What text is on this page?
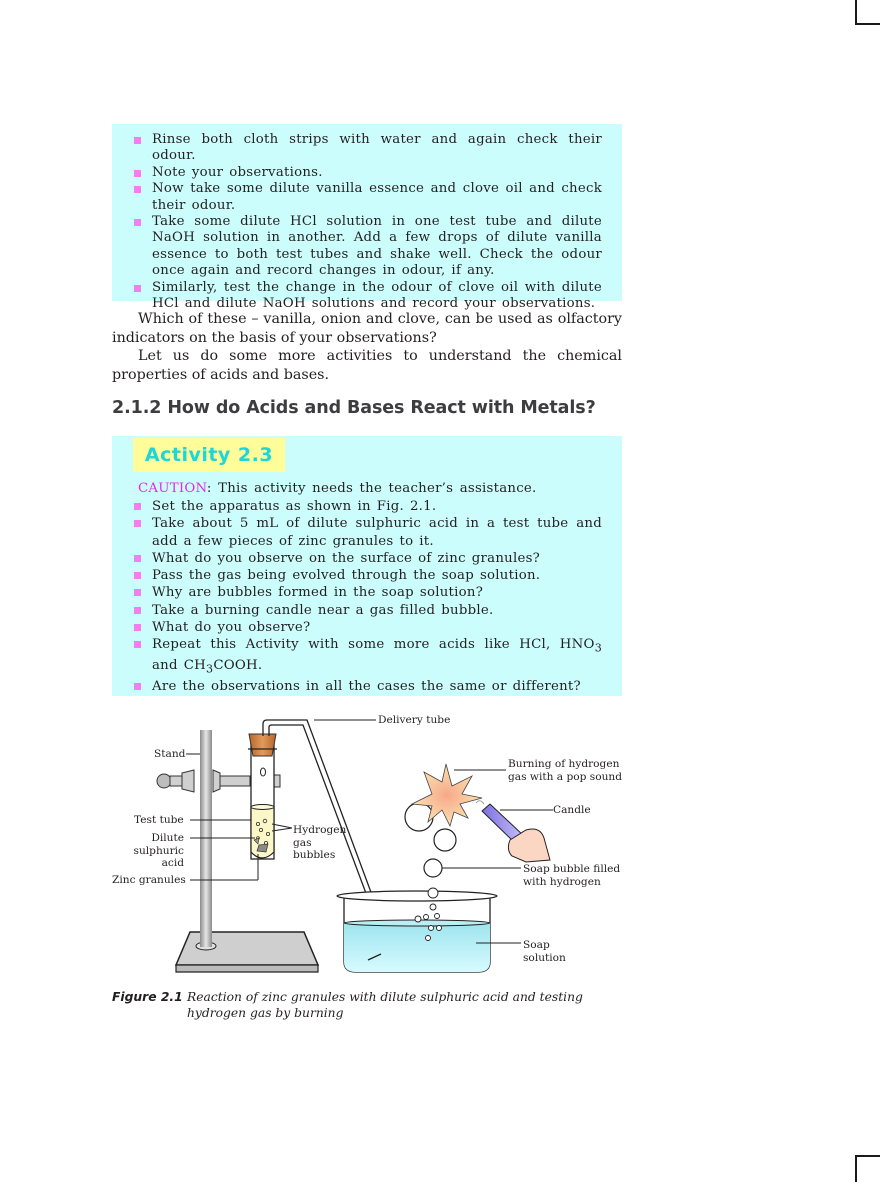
Rinse both cloth strips with water and again check their odour.
Note your observations.
Now take some dilute vanilla essence and clove oil and check their odour.
Take some dilute HCl solution in one test tube and dilute NaOH solution in another. Add a few drops of dilute vanilla essence to both test tubes and shake well. Check the odour once again and record changes in odour, if any.
Similarly, test the change in the odour of clove oil with dilute HCl and dilute NaOH solutions and record your observations.

Which of these – vanilla, onion and clove, can be used as olfactory indicators on the basis of your observations?

Let us do some more activities to understand the chemical properties of acids and bases.

2.1.2 How do Acids and Bases React with Metals?
Activity 2.3
CAUTION: This activity needs the teacher’s assistance.
Set the apparatus as shown in Fig. 2.1.
Take about 5 mL of dilute sulphuric acid in a test tube and add a few pieces of zinc granules to it.
What do you observe on the surface of zinc granules?
Pass the gas being evolved through the soap solution.
Why are bubbles formed in the soap solution?
Take a burning candle near a gas filled bubble.
What do you observe?
Repeat this Activity with some more acids like HCl, $HNO_3$ and $CH_3COOH$.
Are the observations in all the cases the same or different?
Delivery tube
Stand
Burning of hydrogen
gas with a pop sound
Candle
Test tube
Dilute
sulphuric
acid
Hydrogen
gas
bubbles
Zinc granules
Soap bubble filled
with hydrogen
Soap
solution
Figure 2.1 Reaction of zinc granules with dilute sulphuric acid and testing hydrogen gas by burning
